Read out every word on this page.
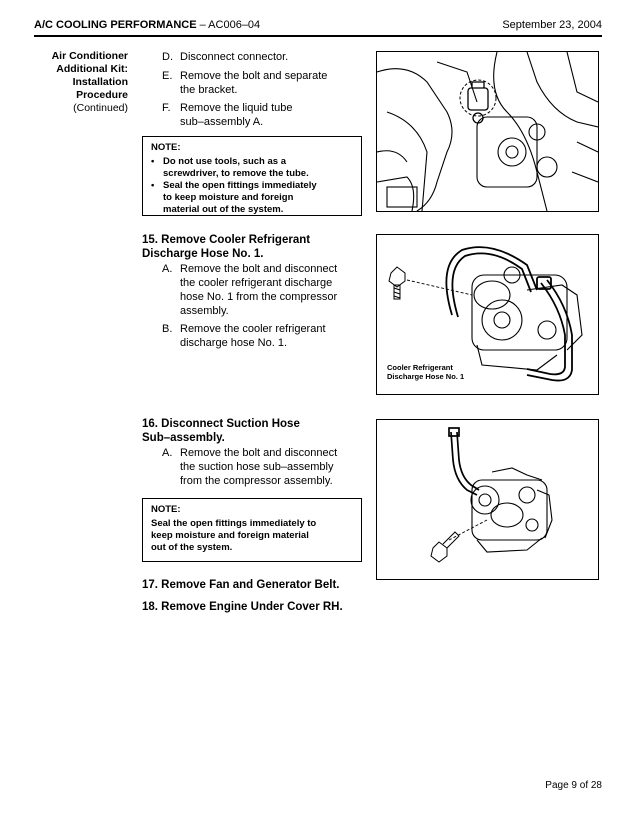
A/C COOLING PERFORMANCE – AC006–04	September 23, 2004
Air Conditioner
Additional Kit:
Installation
Procedure
(Continued)
D. Disconnect connector.
E. Remove the bolt and separate
the bracket.
F. Remove the liquid tube
sub–assembly A.
NOTE:
• Do not use tools, such as a
screwdriver, to remove the tube.
• Seal the open fittings immediately
to keep moisture and foreign
material out of the system.
15. Remove Cooler Refrigerant
Discharge Hose No. 1.
A. Remove the bolt and disconnect
the cooler refrigerant discharge
hose No. 1 from the compressor
assembly.
B. Remove the cooler refrigerant
discharge hose No. 1.
Cooler Refrigerant
Discharge Hose No. 1
16. Disconnect Suction Hose
Sub–assembly.
A. Remove the bolt and disconnect
the suction hose sub–assembly
from the compressor assembly.
NOTE:
Seal the open fittings immediately to
keep moisture and foreign material
out of the system.
17. Remove Fan and Generator Belt.
18. Remove Engine Under Cover RH.
Page 9 of 28
